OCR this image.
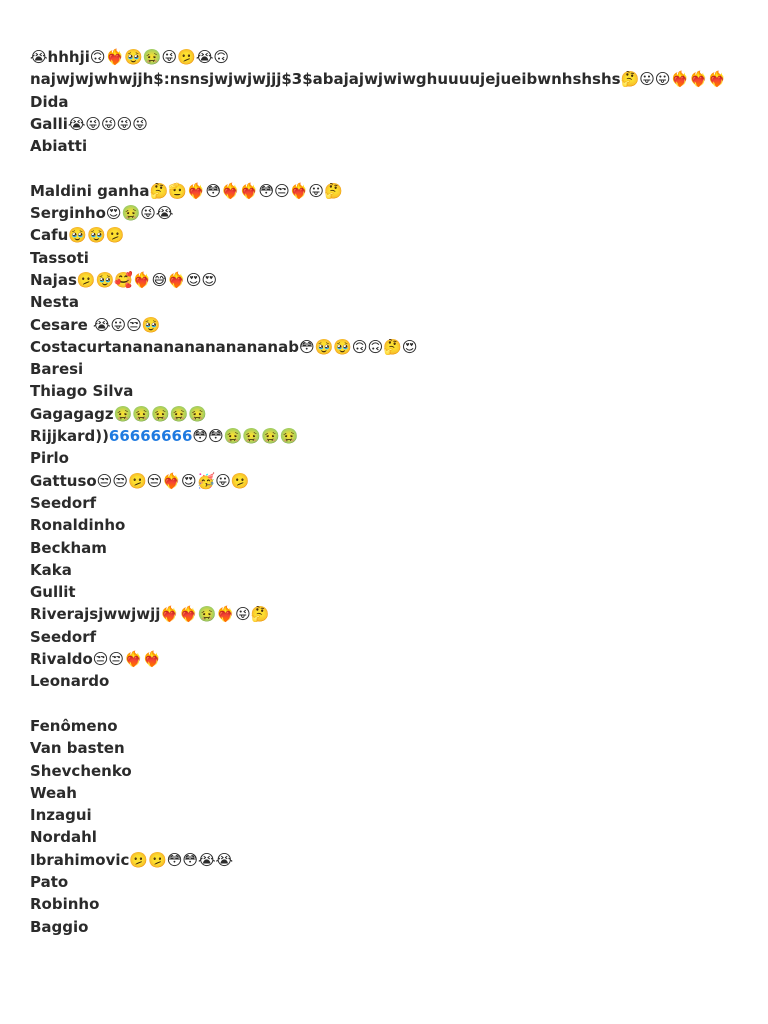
😭hhhji🙃❤️‍🔥🥹🤢😜🫤😭🙃
najwjwjwhwjjh$:nsnsjwjwjwjjj$3$abajajwjwiwghuuuujejueibwnhshshs🤔😛😛❤️‍🔥❤️‍🔥❤️‍🔥
Dida
Galli😭😜😜😜😜
Abiatti
Maldini ganha🤔🫡❤️‍🔥😳❤️‍🔥❤️‍🔥😳😒❤️‍🔥😛🤔
Serginho😍🤢😜😭
Cafu🥹🥹🫤
Tassoti
Najas🫤🥹🥰❤️‍🔥😅❤️‍🔥😍😍
Nesta
Cesare 😭😛😒🥹
Costacurtananananananananab😳🥹🥹🙃🙃🤔😍
Baresi
Thiago Silva
Gagagagz🤢🤢🤢🤢🤢
Rijjkard))66666666😳😳🤢🤢🤢🤢
Pirlo
Gattuso😒😒🫤😒❤️‍🔥😍🥳😛🫤
Seedorf
Ronaldinho
Beckham
Kaka
Gullit
Riverajsjwwjwjj❤️‍🔥❤️‍🔥🤢❤️‍🔥😜🤔
Seedorf
Rivaldo😒😒❤️‍🔥❤️‍🔥
Leonardo
Fenômeno
Van basten
Shevchenko
Weah
Inzagui
Nordahl
Ibrahimovic🫤🫤😳😳😭😭
Pato
Robinho
Baggio
